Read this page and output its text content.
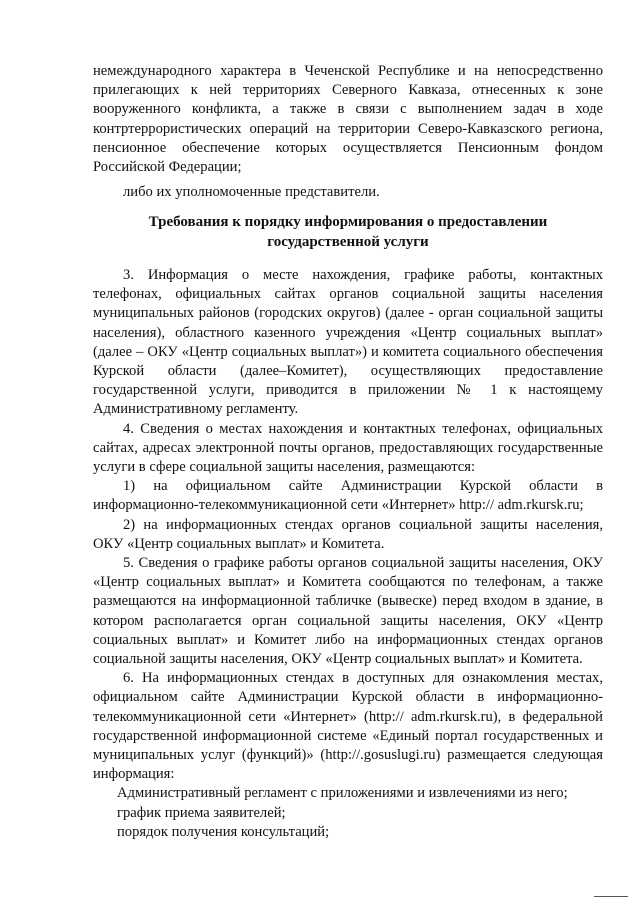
немеждународного характера в Чеченской Республике и на непосредственно прилегающих к ней территориях Северного Кавказа, отнесенных к зоне вооруженного конфликта, а также в связи с выполнением задач в ходе контртеррористических операций на территории Северо-Кавказского региона, пенсионное обеспечение которых осуществляется Пенсионным фондом Российской Федерации;

либо их уполномоченные представители.

Требования к порядку информирования о предоставлении
государственной услуги

3. Информация о месте нахождения, графике работы, контактных телефонах, официальных сайтах органов социальной защиты населения муниципальных районов (городских округов) (далее - орган социальной защиты населения), областного казенного учреждения «Центр социальных выплат» (далее – ОКУ «Центр социальных выплат») и комитета социального обеспечения Курской области (далее–Комитет), осуществляющих предоставление государственной услуги, приводится в приложении № 1 к настоящему Административному регламенту.

4. Сведения о местах нахождения и контактных телефонах, официальных сайтах, адресах электронной почты органов, предоставляющих государственные услуги в сфере социальной защиты населения, размещаются:

1) на официальном сайте Администрации Курской области в информационно-телекоммуникационной сети «Интернет» http:// adm.rkursk.ru;

2) на информационных стендах органов социальной защиты населения, ОКУ «Центр социальных выплат» и Комитета.

5. Сведения о графике работы органов социальной защиты населения, ОКУ «Центр социальных выплат» и Комитета сообщаются по телефонам, а также размещаются на информационной табличке (вывеске) перед входом в здание, в котором располагается орган социальной защиты населения, ОКУ «Центр социальных выплат» и Комитет либо на информационных стендах органов социальной защиты населения, ОКУ «Центр социальных выплат» и Комитета.

6. На информационных стендах в доступных для ознакомления местах, официальном сайте Администрации Курской области в информационно-телекоммуникационной сети «Интернет» (http:// adm.rkursk.ru), в федеральной государственной информационной системе «Единый портал государственных и муниципальных услуг (функций)» (http://.gosuslugi.ru) размещается следующая информация:

Административный регламент с приложениями и извлечениями из него;

график приема заявителей;

порядок получения консультаций;
